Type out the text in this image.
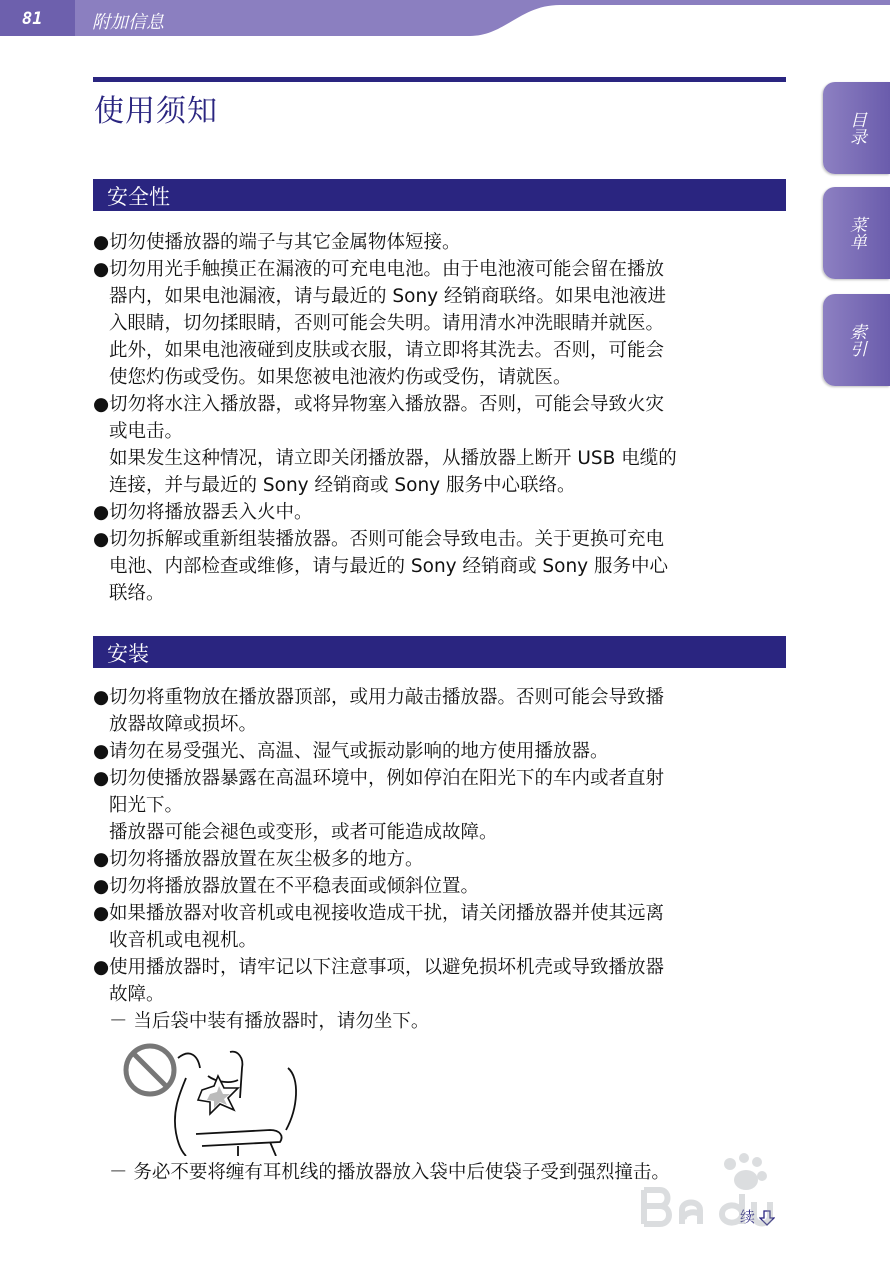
81	附加信息
使用须知	目录
菜单
索引
安全性
●切勿使播放器的端子与其它金属物体短接。
●切勿用光手触摸正在漏液的可充电电池。由于电池液可能会留在播放
器内，如果电池漏液，请与最近的 Sony 经销商联络。如果电池液进
入眼睛，切勿揉眼睛，否则可能会失明。请用清水冲洗眼睛并就医。
此外，如果电池液碰到皮肤或衣服，请立即将其洗去。否则，可能会
使您灼伤或受伤。如果您被电池液灼伤或受伤，请就医。
●切勿将水注入播放器，或将异物塞入播放器。否则，可能会导致火灾
或电击。
如果发生这种情况，请立即关闭播放器，从播放器上断开 USB 电缆的
连接，并与最近的 Sony 经销商或 Sony 服务中心联络。
●切勿将播放器丢入火中。
●切勿拆解或重新组装播放器。否则可能会导致电击。关于更换可充电
电池、内部检查或维修，请与最近的 Sony 经销商或 Sony 服务中心
联络。
安装
●切勿将重物放在播放器顶部，或用力敲击播放器。否则可能会导致播
放器故障或损坏。
●请勿在易受强光、高温、湿气或振动影响的地方使用播放器。
●切勿使播放器暴露在高温环境中，例如停泊在阳光下的车内或者直射
阳光下。
播放器可能会褪色或变形，或者可能造成故障。
●切勿将播放器放置在灰尘极多的地方。
●切勿将播放器放置在不平稳表面或倾斜位置。
●如果播放器对收音机或电视接收造成干扰，请关闭播放器并使其远离
收音机或电视机。
●使用播放器时，请牢记以下注意事项，以避免损坏机壳或导致播放器
故障。
－ 当后袋中装有播放器时，请勿坐下。
－ 务必不要将缠有耳机线的播放器放入袋中后使袋子受到强烈撞击。
续
